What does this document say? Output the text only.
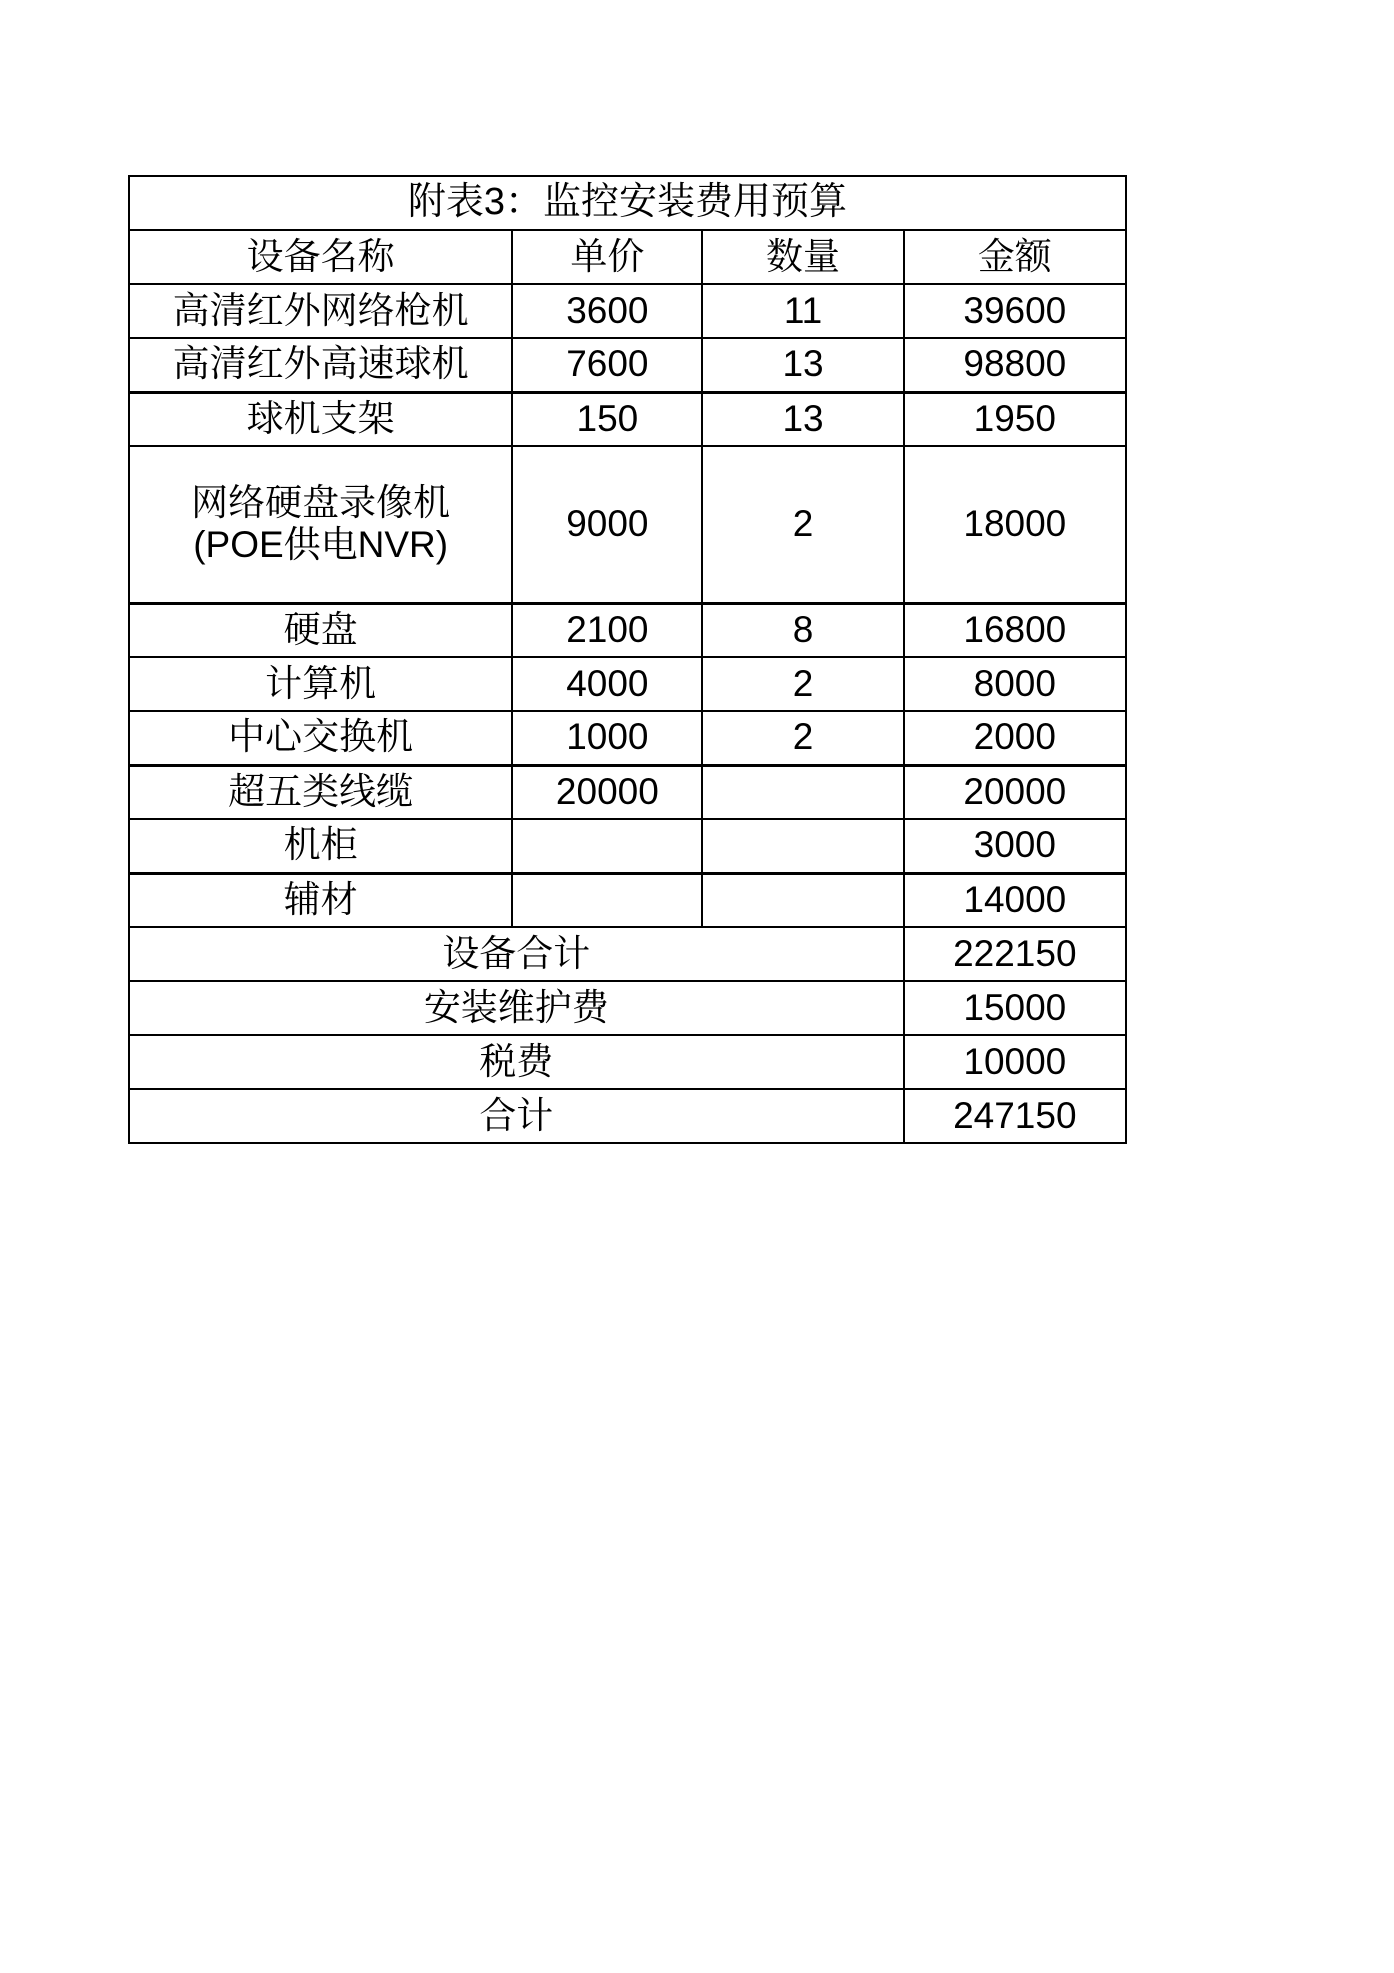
附表3：监控安装费用预算			
设备名称	单价	数量	金额
高清红外网络枪机	3600	11	39600
高清红外高速球机	7600	13	98800
球机支架	150	13	1950

网络硬盘录像机
(POE供电NVR)	9000	2	18000
硬盘	2100	8	16800
计算机	4000	2	8000
中心交换机	1000	2	2000
超五类线缆	20000		20000
机柜			3000
辅材			14000
设备合计			222150
安装维护费			15000
税费			10000
合计			247150
